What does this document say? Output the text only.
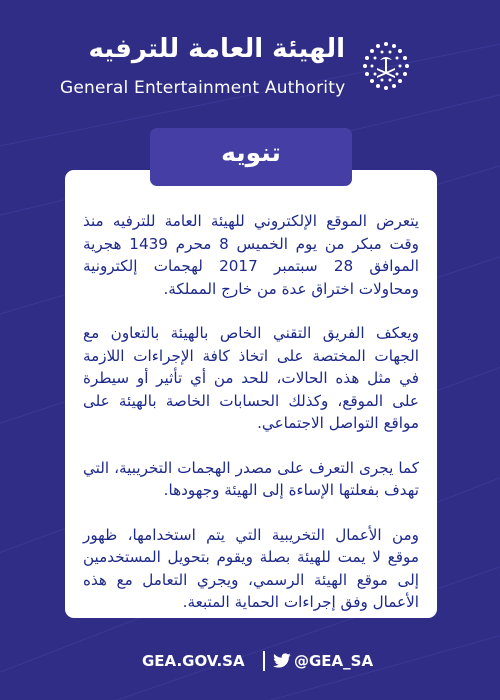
الهيئة العامة للترفيه
General Entertainment Authority

يتعرض الموقع الإلكتروني للهيئة العامة للترفيه منذ وقت مبكر من يوم الخميس 8 محرم 1439 هجرية الموافق 28 سبتمبر 2017 لهجمات إلكترونية ومحاولات اختراق عدة من خارج المملكة.

ويعكف الفريق التقني الخاص بالهيئة بالتعاون مع الجهات المختصة على اتخاذ كافة الإجراءات اللازمة في مثل هذه الحالات، للحد من أي تأثير أو سيطرة على الموقع، وكذلك الحسابات الخاصة بالهيئة على مواقع التواصل الاجتماعي.

كما يجرى التعرف على مصدر الهجمات التخريبية، التي تهدف بفعلتها الإساءة إلى الهيئة وجهودها.

ومن الأعمال التخريبية التي يتم استخدامها، ظهور موقع لا يمت للهيئة بصلة ويقوم بتحويل المستخدمين إلى موقع الهيئة الرسمي، ويجري التعامل مع هذه الأعمال وفق إجراءات الحماية المتبعة.

تنويه
GEA.GOV.SA	@GEA_SA
